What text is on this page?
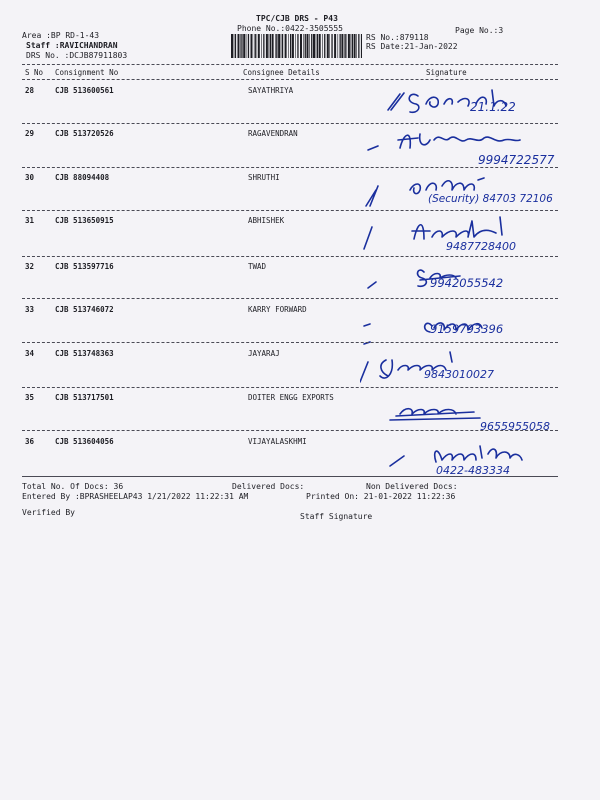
TPC/CJB DRS - P43
Phone No.:0422-3505555	Page No.:3
Area :BP RD-1-43
Staff :RAVICHANDRAN
DRS No. :DCJB87911803
RS No.:879118
RS Date:21-Jan-2022
S No Consignment No	Consignee Details	Signature
28	CJB 513600561	SAYATHRIYA
21.1.22
29	CJB 513720526	RAGAVENDRAN
9994722577
30	CJB 88094408	SHRUTHI
(Security) 84703 72106
31	CJB 513650915	ABHISHEK
9487728400
32	CJB 513597716	TWAD
9942055542
33	CJB 513746072	KARRY FORWARD
9159793396
34	CJB 513748363	JAYARAJ
9843010027
35	CJB 513717501	DOITER ENGG EXPORTS
9655955058
36	CJB 513604056	VIJAYALASKHMI
0422-483334
Total No. Of Docs: 36	Delivered Docs:	Non Delivered Docs:
Entered By :BPRASHEELAP43 1/21/2022 11:22:31 AM	Printed On: 21-01-2022 11:22:36
Verified By	Staff Signature
